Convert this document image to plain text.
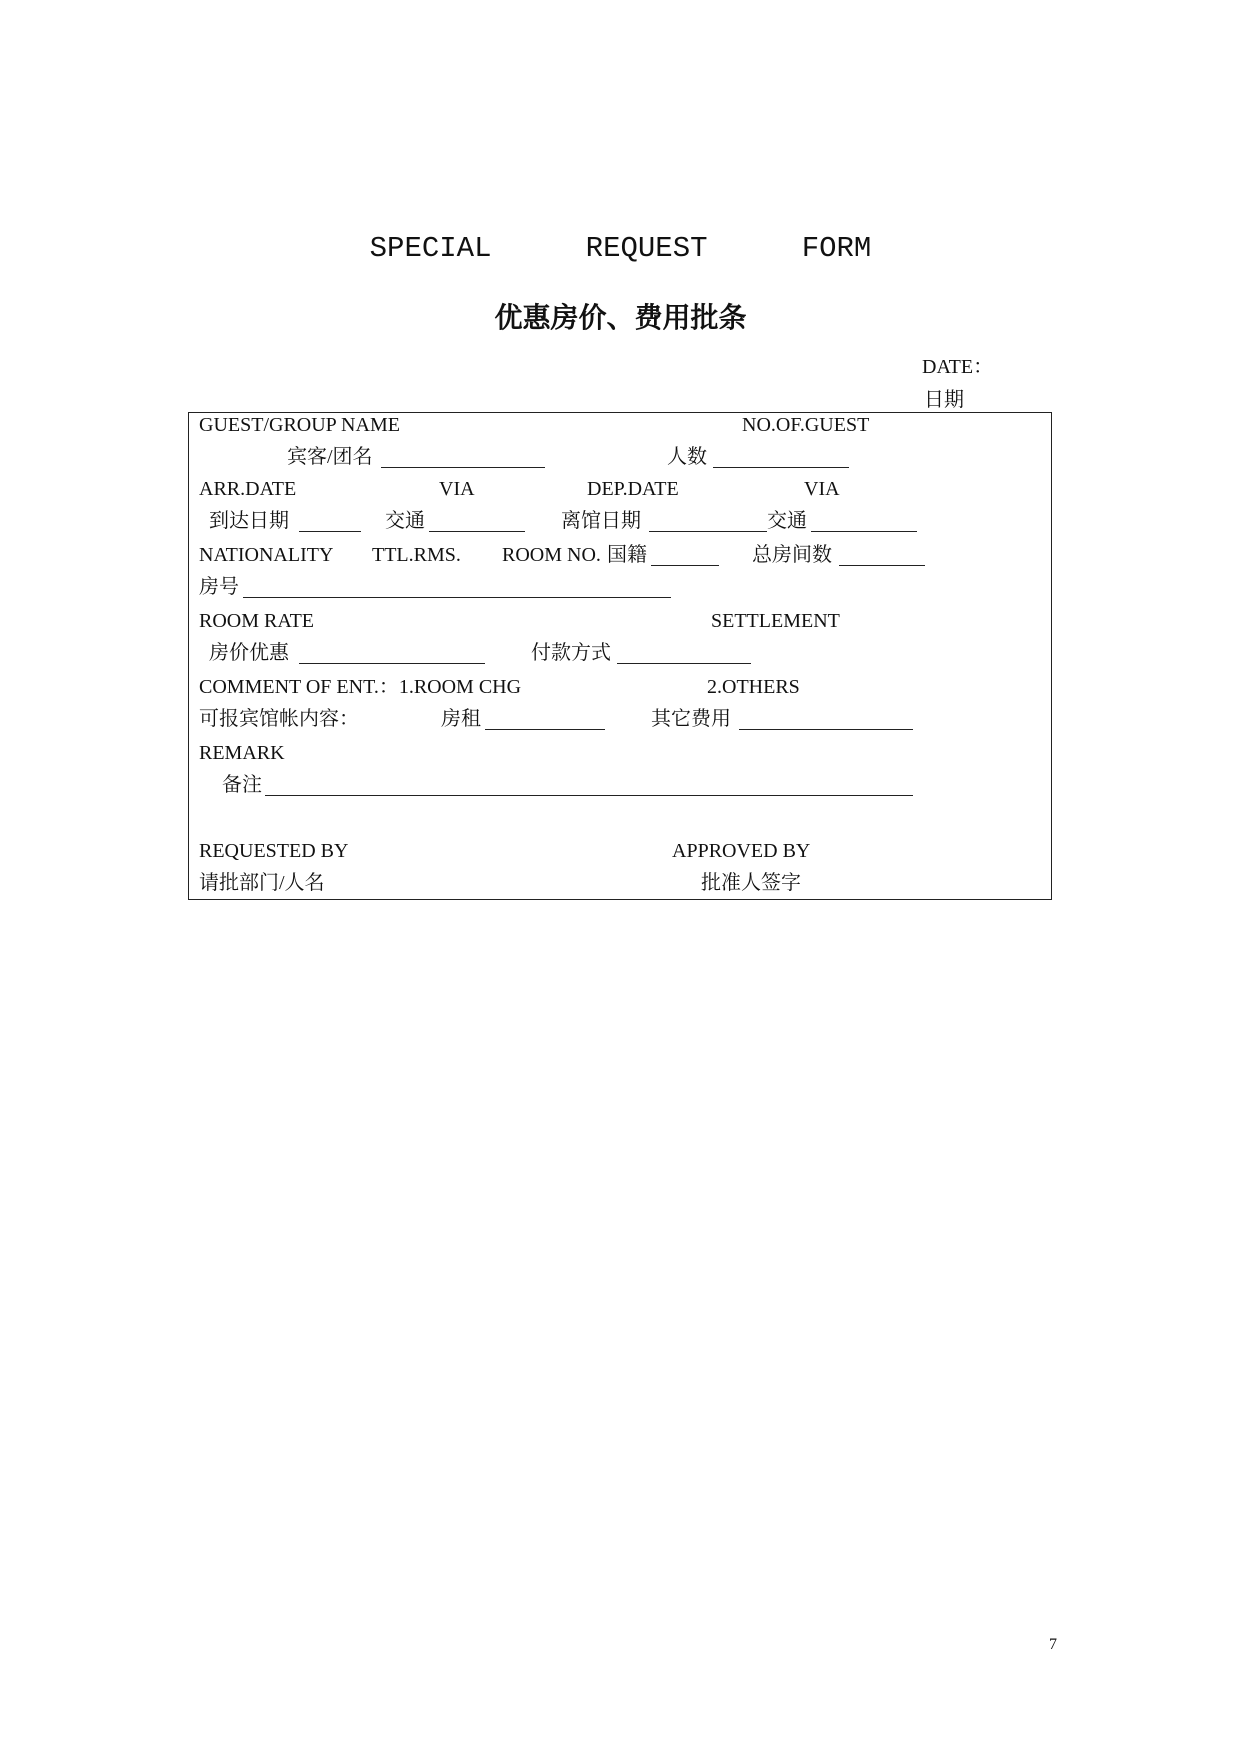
SPECIAL   REQUEST   FORM
优惠房价、费用批条
DATE：
日期
GUEST/GROUP NAME	NO.OF.GUEST
宾客/团名	人数
ARR.DATE	VIA	DEP.DATE	VIA
到达日期	交通	离馆日期	交通
NATIONALITY TTL.RMS. ROOM NO. 国籍	总房间数
房号
ROOM RATE	SETTLEMENT
房价优惠	付款方式
COMMENT OF ENT.：1.ROOM CHG	2.OTHERS
可报宾馆帐内容：	房租	其它费用
REMARK
备注
REQUESTED BY	APPROVED BY
请批部门/人名	批准人签字
7
